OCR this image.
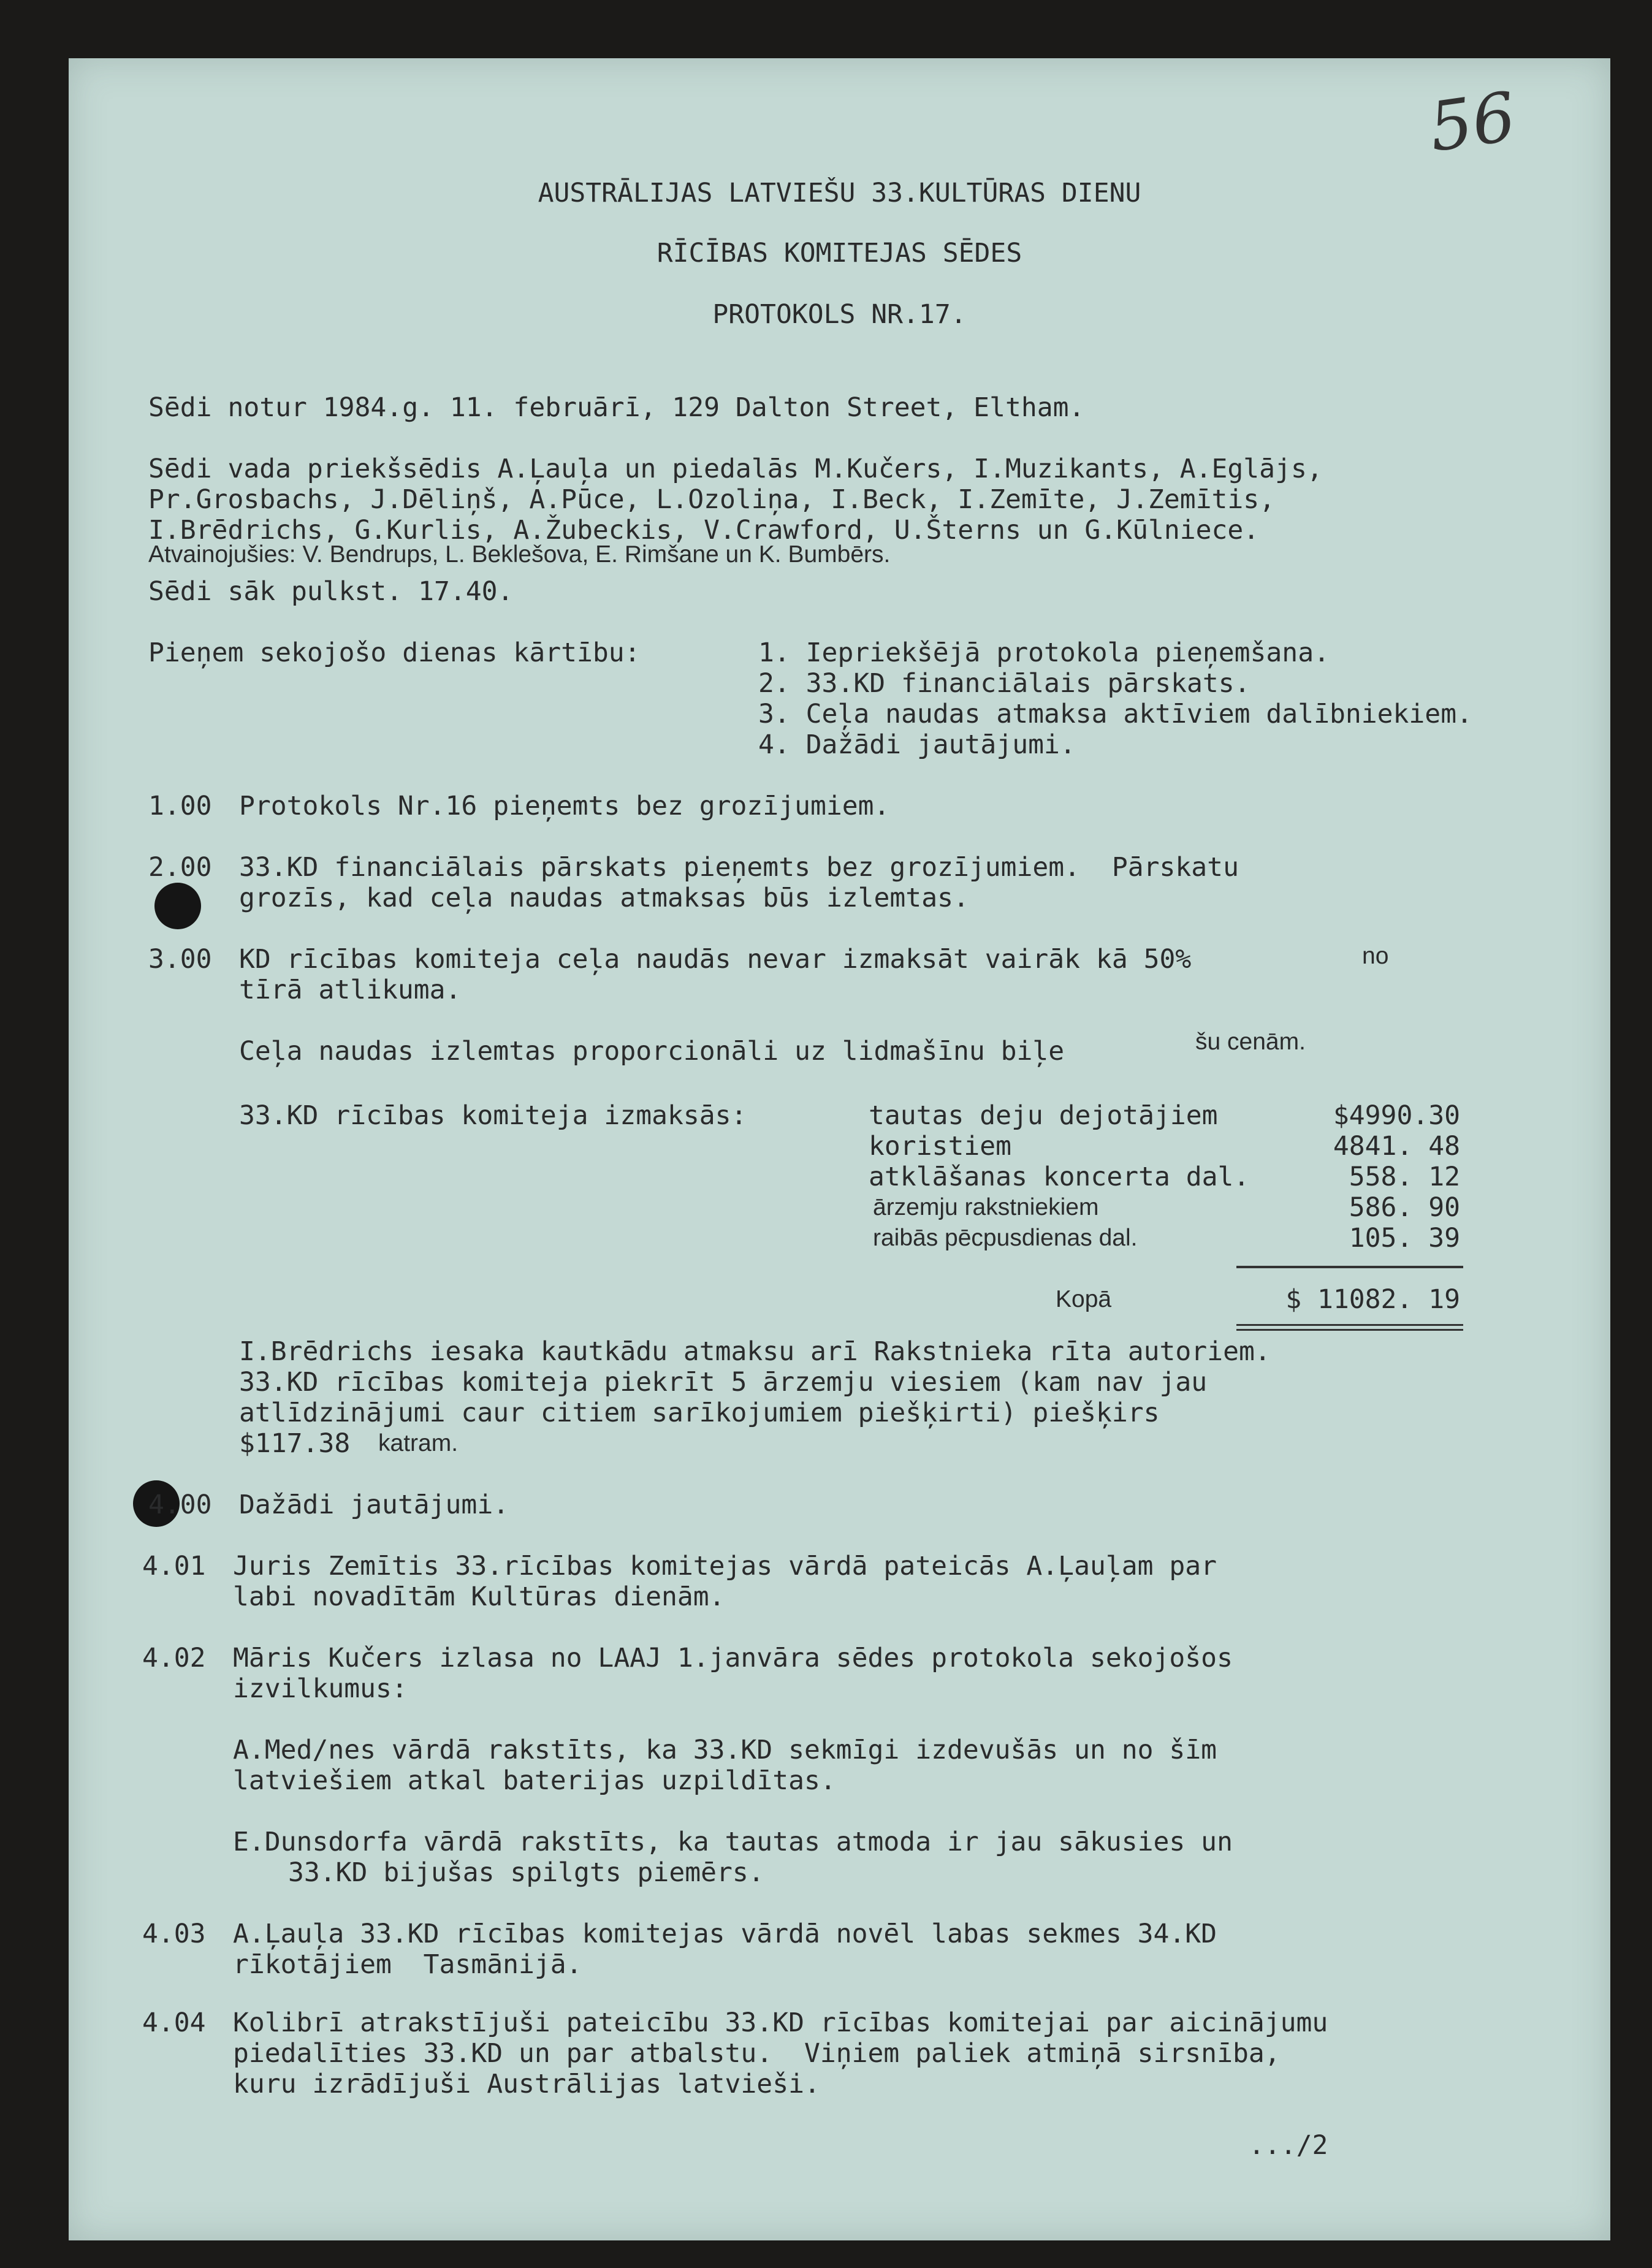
56
AUSTRĀLIJAS LATVIEŠU 33.KULTŪRAS DIENU
RĪCĪBAS KOMITEJAS SĒDES
PROTOKOLS NR.17.
Sēdi notur 1984.g. 11. februārī, 129 Dalton Street, Eltham.
Sēdi vada priekšsēdis A.Ļauļa un piedalās M.Kučers, I.Muzikants, A.Eglājs,
Pr.Grosbachs, J.Dēliņš, A.Pūce, L.Ozoliņa, I.Beck, I.Zemīte, J.Zemītis,
I.Brēdrichs, G.Kurlis, A.Žubeckis, V.Crawford, U.Šterns un G.Kūlniece.
Atvainojušies: V. Bendrups, L. Beklešova, E. Rimšane un K. Bumbērs.
Sēdi sāk pulkst. 17.40.
Pieņem sekojošo dienas kārtību:	1. Iepriekšējā protokola pieņemšana.
2. 33.KD financiālais pārskats.
3. Ceļa naudas atmaksa aktīviem dalībniekiem.
4. Dažādi jautājumi.
1.00 Protokols Nr.16 pieņemts bez grozījumiem.
2.00 33.KD financiālais pārskats pieņemts bez grozījumiem.  Pārskatu
grozīs, kad ceļa naudas atmaksas būs izlemtas.
3.00 KD rīcības komiteja ceļa naudās nevar izmaksāt vairāk kā 50%	no
tīrā atlikuma.
Ceļa naudas izlemtas proporcionāli uz lidmašīnu biļe	šu cenām.
33.KD rīcības komiteja izmaksās:	tautas deju dejotājiem	$4990.30
koristiem	4841. 48
atklāšanas koncerta dal.	558. 12
ārzemju rakstniekiem	586. 90
raibās pēcpusdienas dal.	105. 39
Kopā	$ 11082. 19
I.Brēdrichs iesaka kautkādu atmaksu arī Rakstnieka rīta autoriem.
33.KD rīcības komiteja piekrīt 5 ārzemju viesiem (kam nav jau
atlīdzinājumi caur citiem sarīkojumiem piešķirti) piešķirs
$117.38 katram.
4.00 Dažādi jautājumi.
4.01 Juris Zemītis 33.rīcības komitejas vārdā pateicās A.Ļauļam par
labi novadītām Kultūras dienām.
4.02 Māris Kučers izlasa no LAAJ 1.janvāra sēdes protokola sekojošos
izvilkumus:
A.Med/nes vārdā rakstīts, ka 33.KD sekmīgi izdevušās un no šīm
latviešiem atkal baterijas uzpildītas.
E.Dunsdorfa vārdā rakstīts, ka tautas atmoda ir jau sākusies un
33.KD bijušas spilgts piemērs.
4.03 A.Ļauļa 33.KD rīcības komitejas vārdā novēl labas sekmes 34.KD
rīkotājiem  Tasmānijā.
4.04 Kolibrī atrakstījuši pateicību 33.KD rīcības komitejai par aicinājumu
piedalīties 33.KD un par atbalstu.  Viņiem paliek atmiņā sirsnība,
kuru izrādījuši Austrālijas latvieši.
.../2
